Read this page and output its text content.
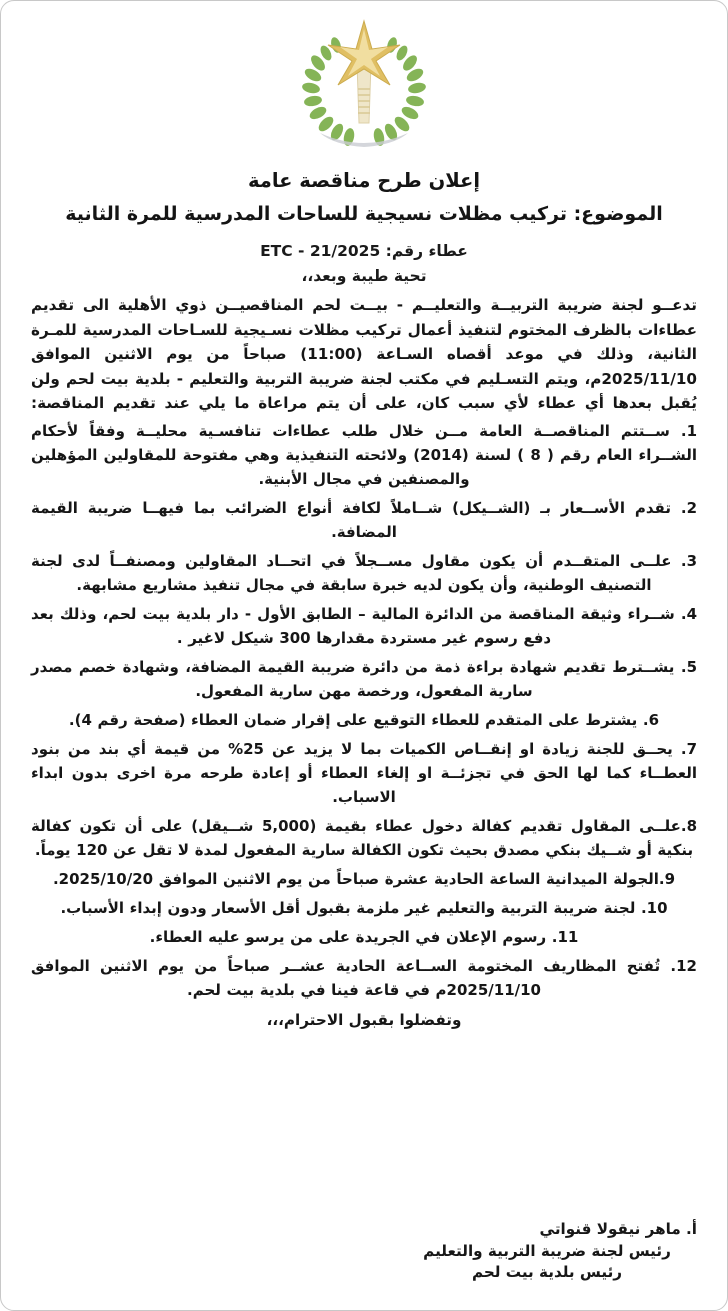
إعلان طرح مناقصة عامة
الموضوع: تركيب مظلات نسيجية للساحات المدرسية للمرة الثانية
عطاء رقم: ETC - 21/2025
تحية طيبة وبعد،،

تدعــو لجنة ضريبة التربيــة والتعليــم - بيــت لحم المناقصيــن ذوي الأهلية الى تقديم عطاءات بالظرف المختوم لتنفيذ أعمال تركيب مظلات نسـيجية للسـاحات المدرسية للمـرة الثانية، وذلك في موعد أقصاه السـاعة (11:00) صباحاً من يوم الاثنين الموافق 2025/11/10م، ويتم التسـليم في مكتب لجنة ضريبة التربية والتعليم - بلدية بيت لحم ولن يُقبل بعدها أي عطاء لأي سبب كان، على أن يتم مراعاة ما يلي عند تقديم المناقصة:

1. ســتتم المناقصــة العامة مــن خلال طلب عطاءات تنافسـية محليــة وفقاً لأحكام الشــراء العام رقم ( 8 ) لسنة (2014) ولائحته التنفيذية وهي مفتوحة للمقاولين المؤهلين والمصنفين في مجال الأبنية.
2. تقدم الأســعار بـ (الشــيكل) شــاملاً لكافة أنواع الضرائب بما فيهــا ضريبة القيمة المضافة.
3. علــى المتقــدم أن يكون مقاول مســجلاً في اتحــاد المقاولين ومصنفــاً لدى لجنة التصنيف الوطنية، وأن يكون لديه خبرة سابقة في مجال تنفيذ مشاريع مشابهة.
4. شــراء وثيقة المناقصة من الدائرة المالية – الطابق الأول - دار بلدية بيت لحم، وذلك بعد دفع رسوم غير مستردة مقدارها 300 شيكل لاغير .
5. يشــترط تقديم شهادة براءة ذمة من دائرة ضريبة القيمة المضافة، وشهادة خصم مصدر سارية المفعول، ورخصة مهن سارية المفعول.
6. يشترط على المتقدم للعطاء التوقيع على إقرار ضمان العطاء (صفحة رقم 4).
7. يحــق للجنة زيادة او إنقــاص الكميات بما لا يزيد عن 25% من قيمة أي بند من بنود العطــاء كما لها الحق في تجزئــة او إلغاء العطاء أو إعادة طرحه مرة اخرى بدون ابداء الاسباب.
8.علــى المقاول تقديم كفالة دخول عطاء بقيمة (5,000 شــيقل) على أن تكون كفالة بنكية أو شــيك بنكي مصدق بحيث تكون الكفالة سارية المفعول لمدة لا تقل عن 120 يوماً.
9.الجولة الميدانية الساعة الحادية عشرة صباحاً من يوم الاثنين الموافق 2025/10/20.
10. لجنة ضريبة التربية والتعليم غير ملزمة بقبول أقل الأسعار ودون إبداء الأسباب.
11. رسوم الإعلان في الجريدة على من يرسو عليه العطاء.
12. تُفتح المظاريف المختومة الســاعة الحادية عشــر صباحاً من يوم الاثنين الموافق 2025/11/10م في قاعة فينا في بلدية بيت لحم.
وتفضلوا بقبول الاحترام،،،
أ. ماهر نيقولا قنواتي
رئيس لجنة ضريبة التربية والتعليم
رئيس بلدية بيت لحم
